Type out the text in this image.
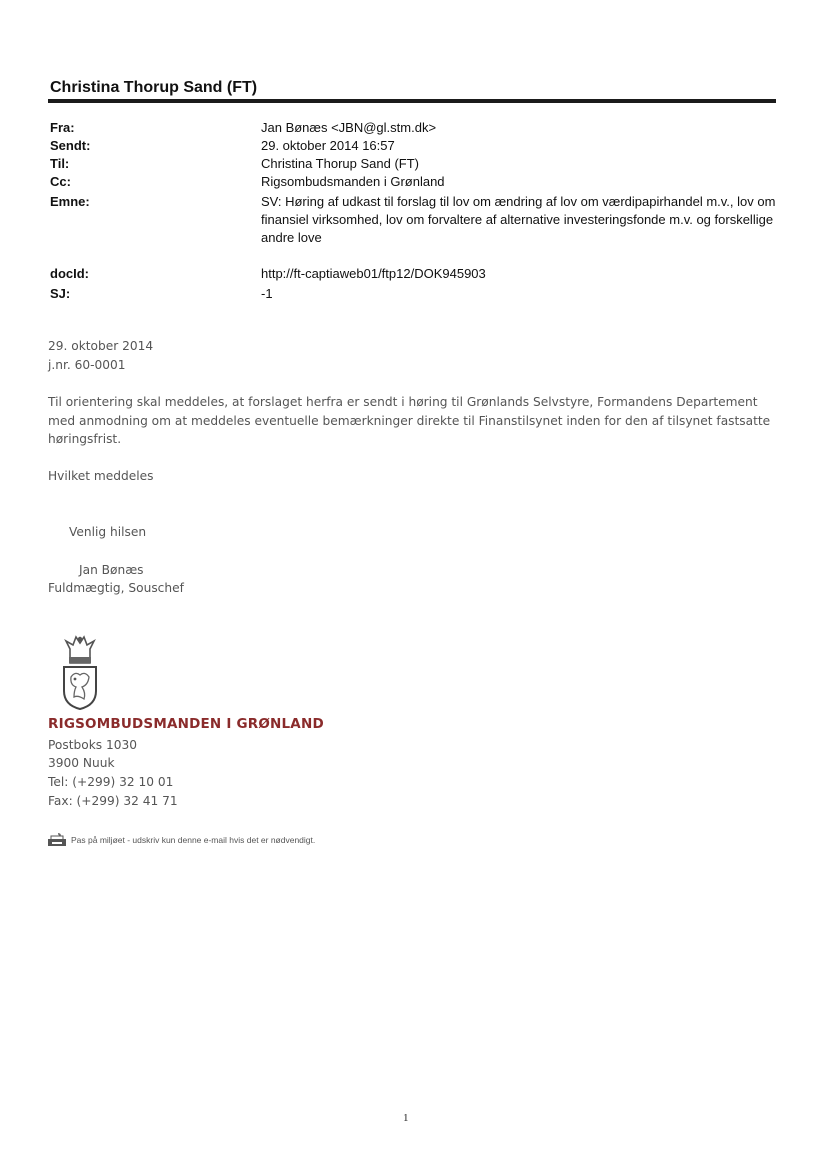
Christina Thorup Sand (FT)
Fra:	Jan Bønæs <JBN@gl.stm.dk>
Sendt:	29. oktober 2014 16:57
Til:	Christina Thorup Sand (FT)
Cc:	Rigsombudsmanden i Grønland
Emne:	SV: Høring af udkast til forslag til lov om ændring af lov om værdipapirhandel m.v., lov om finansiel virksomhed, lov om forvaltere af alternative investeringsfonde m.v. og forskellige andre love
docId:	http://ft-captiaweb01/ftp12/DOK945903
SJ:	-1
29. oktober 2014
j.nr. 60-0001
Til orientering skal meddeles, at forslaget herfra er sendt i høring til Grønlands Selvstyre, Formandens Departement med anmodning om at meddeles eventuelle bemærkninger direkte til Finanstilsynet inden for den af tilsynet fastsatte høringsfrist.
Hvilket meddeles
Venlig hilsen
Jan Bønæs
Fuldmægtig, Souschef
RIGSOMBUDSMANDEN I GRØNLAND
Postboks 1030
3900 Nuuk
Tel: (+299) 32 10 01
Fax: (+299) 32 41 71
Pas på miljøet - udskriv kun denne e-mail hvis det er nødvendigt.
1
